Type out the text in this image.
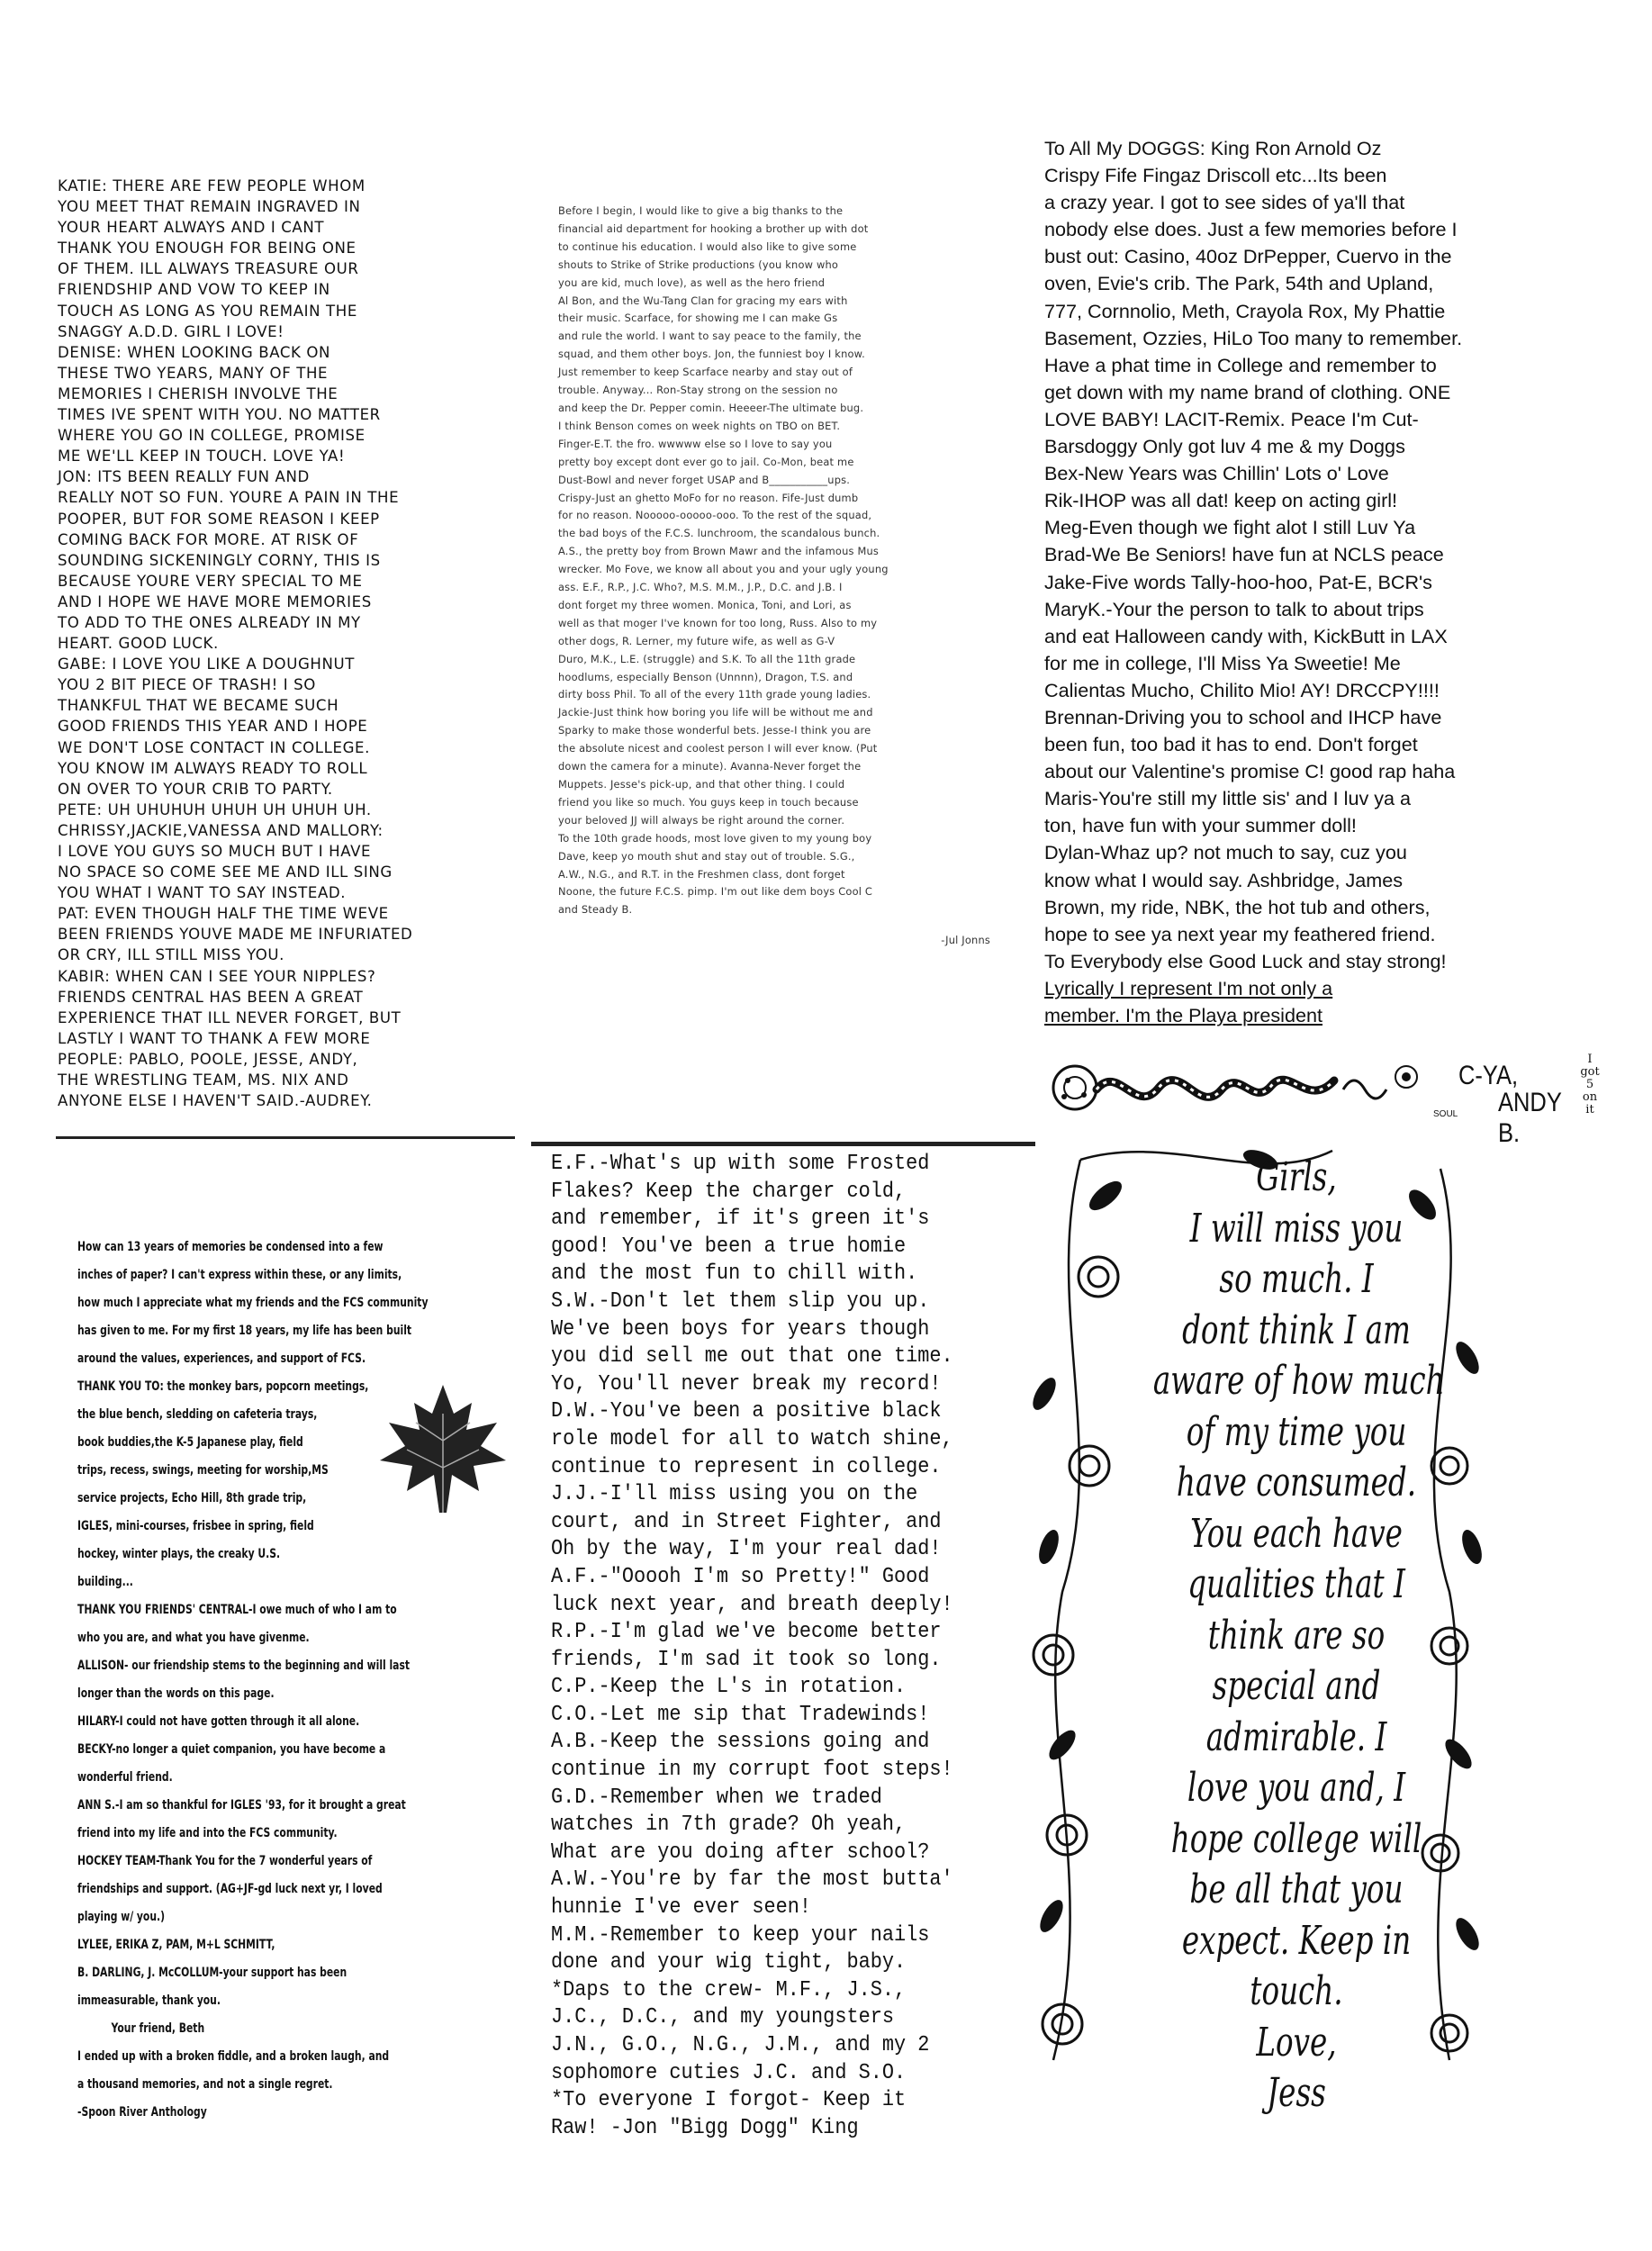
KATIE: THERE ARE FEW PEOPLE WHOM
YOU MEET THAT REMAIN INGRAVED IN
YOUR HEART ALWAYS AND I CANT
THANK YOU ENOUGH FOR BEING ONE
OF THEM. ILL ALWAYS TREASURE OUR
FRIENDSHIP AND VOW TO KEEP IN
TOUCH AS LONG AS YOU REMAIN THE
SNAGGY A.D.D. GIRL I LOVE!
DENISE: WHEN LOOKING BACK ON
THESE TWO YEARS, MANY OF THE
MEMORIES I CHERISH INVOLVE THE
TIMES IVE SPENT WITH YOU. NO MATTER
WHERE YOU GO IN COLLEGE, PROMISE
ME WE'LL KEEP IN TOUCH. LOVE YA!
JON: ITS BEEN REALLY FUN AND
REALLY NOT SO FUN. YOURE A PAIN IN THE
POOPER, BUT FOR SOME REASON I KEEP
COMING BACK FOR MORE. AT RISK OF
SOUNDING SICKENINGLY CORNY, THIS IS
BECAUSE YOURE VERY SPECIAL TO ME
AND I HOPE WE HAVE MORE MEMORIES
TO ADD TO THE ONES ALREADY IN MY
HEART. GOOD LUCK.
GABE: I LOVE YOU LIKE A DOUGHNUT
YOU 2 BIT PIECE OF TRASH! I SO
THANKFUL THAT WE BECAME SUCH
GOOD FRIENDS THIS YEAR AND I HOPE
WE DON'T LOSE CONTACT IN COLLEGE.
YOU KNOW IM ALWAYS READY TO ROLL
ON OVER TO YOUR CRIB TO PARTY.
PETE: UH UHUHUH UHUH UH UHUH UH.
CHRISSY,JACKIE,VANESSA AND MALLORY:
I LOVE YOU GUYS SO MUCH BUT I HAVE
NO SPACE SO COME SEE ME AND ILL SING
YOU WHAT I WANT TO SAY INSTEAD.
PAT: EVEN THOUGH HALF THE TIME WEVE
BEEN FRIENDS YOUVE MADE ME INFURIATED
OR CRY, ILL STILL MISS YOU.
KABIR: WHEN CAN I SEE YOUR NIPPLES?
FRIENDS CENTRAL HAS BEEN A GREAT
EXPERIENCE THAT ILL NEVER FORGET, BUT
LASTLY I WANT TO THANK A FEW MORE
PEOPLE: PABLO, POOLE, JESSE, ANDY,
THE WRESTLING TEAM, MS. NIX AND
ANYONE ELSE I HAVEN'T SAID.-AUDREY.
Before I begin, I would like to give a big thanks to the
financial aid department for hooking a brother up with dot
to continue his education. I would also like to give some
shouts to Strike of Strike productions (you know who
you are kid, much love), as well as the hero friend
Al Bon, and the Wu-Tang Clan for gracing my ears with
their music. Scarface, for showing me I can make Gs
and rule the world. I want to say peace to the family, the
squad, and them other boys. Jon, the funniest boy I know.
Just remember to keep Scarface nearby and stay out of
trouble. Anyway... Ron-Stay strong on the session no
and keep the Dr. Pepper comin. Heeeer-The ultimate bug.
I think Benson comes on week nights on TBO on BET.
Finger-E.T. the fro. wwwww else so I love to say you
pretty boy except dont ever go to jail. Co-Mon, beat me
Dust-Bowl and never forget USAP and B___________ups.
Crispy-Just an ghetto MoFo for no reason. Fife-Just dumb
for no reason. Nooooo-ooooo-ooo. To the rest of the squad,
the bad boys of the F.C.S. lunchroom, the scandalous bunch.
A.S., the pretty boy from Brown Mawr and the infamous Mus
wrecker. Mo Fove, we know all about you and your ugly young
ass. E.F., R.P., J.C. Who?, M.S. M.M., J.P., D.C. and J.B. I
dont forget my three women. Monica, Toni, and Lori, as
well as that moger I've known for too long, Russ. Also to my
other dogs, R. Lerner, my future wife, as well as G-V
Duro, M.K., L.E. (struggle) and S.K. To all the 11th grade
hoodlums, especially Benson (Unnnn), Dragon, T.S. and
dirty boss Phil. To all of the every 11th grade young ladies.
Jackie-Just think how boring you life will be without me and
Sparky to make those wonderful bets. Jesse-I think you are
the absolute nicest and coolest person I will ever know. (Put
down the camera for a minute). Avanna-Never forget the
Muppets. Jesse's pick-up, and that other thing. I could
friend you like so much. You guys keep in touch because
your beloved JJ will always be right around the corner.
To the 10th grade hoods, most love given to my young boy
Dave, keep yo mouth shut and stay out of trouble. S.G.,
A.W., N.G., and R.T. in the Freshmen class, dont forget
Noone, the future F.C.S. pimp. I'm out like dem boys Cool C
and Steady B.
-Jul Jonns
To All My DOGGS: King Ron Arnold Oz
Crispy Fife Fingaz Driscoll etc...Its been
a crazy year. I got to see sides of ya'll that
nobody else does. Just a few memories before I
bust out: Casino, 40oz DrPepper, Cuervo in the
oven, Evie's crib. The Park, 54th and Upland,
777, Cornnolio, Meth, Crayola Rox, My Phattie
Basement, Ozzies, HiLo Too many to remember.
Have a phat time in College and remember to
get down with my name brand of clothing. ONE
LOVE BABY! LACIT-Remix. Peace I'm Cut-
Barsdoggy Only got luv 4 me & my Doggs
Bex-New Years was Chillin' Lots o' Love
Rik-IHOP was all dat! keep on acting girl!
Meg-Even though we fight alot I still Luv Ya
Brad-We Be Seniors! have fun at NCLS peace
Jake-Five words Tally-hoo-hoo, Pat-E, BCR's
MaryK.-Your the person to talk to about trips
and eat Halloween candy with, KickButt in LAX
for me in college, I'll Miss Ya Sweetie! Me
Calientas Mucho, Chilito Mio! AY! DRCCPY!!!!
Brennan-Driving you to school and IHCP have
been fun, too bad it has to end. Don't forget
about our Valentine's promise C! good rap haha
Maris-You're still my little sis' and I luv ya a
ton, have fun with your summer doll!
Dylan-Whaz up? not much to say, cuz you
know what I would say. Ashbridge, James
Brown, my ride, NBK, the hot tub and others,
hope to see ya next year my feathered friend.
To Everybody else Good Luck and stay strong!
Lyrically I represent I'm not only a
member. I'm the Playa president
SOUL
C-YA,
ANDY B.
I got 5 on it
How can 13 years of memories be condensed into a few
inches of paper? I can't express within these, or any limits,
how much I appreciate what my friends and the FCS community
has given to me. For my first 18 years, my life has been built
around the values, experiences, and support of FCS.
THANK YOU TO: the monkey bars, popcorn meetings,
the blue bench, sledding on cafeteria trays,
book buddies,the K-5 Japanese play, field
trips, recess, swings, meeting for worship,MS
service projects, Echo Hill, 8th grade trip,
IGLES, mini-courses, frisbee in spring, field
hockey, winter plays, the creaky U.S.
building...
THANK YOU FRIENDS' CENTRAL-I owe much of who I am to
who you are, and what you have givenme.
ALLISON- our friendship stems to the beginning and will last
longer than the words on this page.
HILARY-I could not have gotten through it all alone.
BECKY-no longer a quiet companion, you have become a
wonderful friend.
ANN S.-I am so thankful for IGLES '93, for it brought a great
friend into my life and into the FCS community.
HOCKEY TEAM-Thank You for the 7 wonderful years of
friendships and support. (AG+JF-gd luck next yr, I loved
playing w/ you.)
LYLEE, ERIKA Z, PAM, M+L SCHMITT,
B. DARLING, J. McCOLLUM-your support has been
immeasurable, thank you.
Your friend, Beth
I ended up with a broken fiddle, and a broken laugh, and
a thousand memories, and not a single regret.
-Spoon River Anthology
E.F.-What's up with some Frosted
Flakes? Keep the charger cold,
and remember, if it's green it's
good! You've been a true homie
and the most fun to chill with.
S.W.-Don't let them slip you up.
We've been boys for years though
you did sell me out that one time.
Yo, You'll never break my record!
D.W.-You've been a positive black
role model for all to watch shine,
continue to represent in college.
J.J.-I'll miss using you on the
court, and in Street Fighter, and
Oh by the way, I'm your real dad!
A.F.-"Ooooh I'm so Pretty!" Good
luck next year, and breath deeply!
R.P.-I'm glad we've become better
friends, I'm sad it took so long.
C.P.-Keep the L's in rotation.
C.O.-Let me sip that Tradewinds!
A.B.-Keep the sessions going and
continue in my corrupt foot steps!
G.D.-Remember when we traded
watches in 7th grade? Oh yeah,
What are you doing after school?
A.W.-You're by far the most butta'
hunnie I've ever seen!
M.M.-Remember to keep your nails
done and your wig tight, baby.
*Daps to the crew- M.F., J.S.,
J.C., D.C., and my youngsters
J.N., G.O., N.G., J.M., and my 2
sophomore cuties J.C. and S.O.
*To everyone I forgot- Keep it
Raw! -Jon "Bigg Dogg" King
Girls,
I will miss you
so much. I
dont think I am
aware of how much
of my time you
have consumed.
You each have
qualities that I
think are so
special and
admirable. I
love you and, I
hope college will
be all that you
expect. Keep in
touch.
Love,
Jess
